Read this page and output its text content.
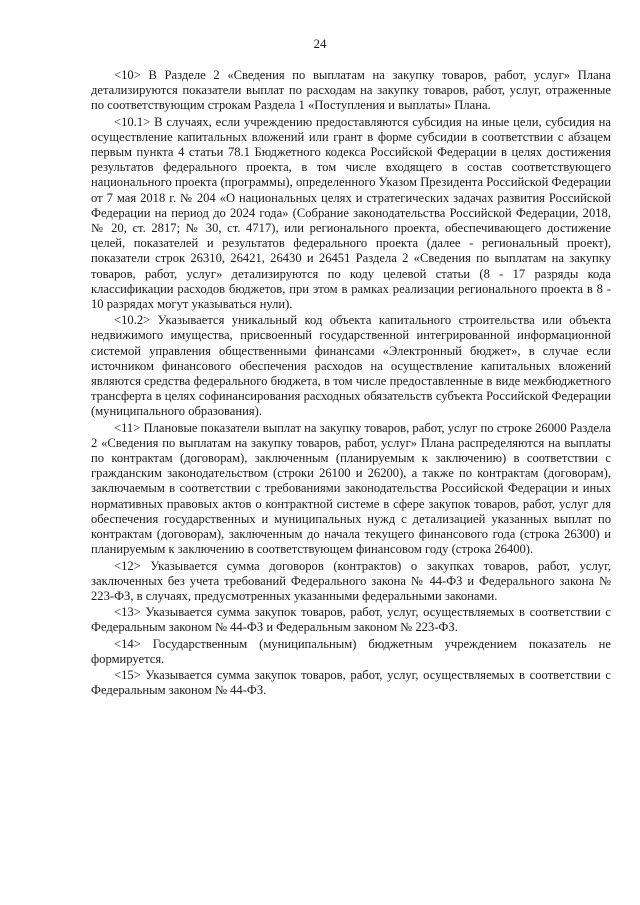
24

<10> В Разделе 2 «Сведения по выплатам на закупку товаров, работ, услуг» Плана детализируются показатели выплат по расходам на закупку товаров, работ, услуг, отраженные по соответствующим строкам Раздела 1 «Поступления и выплаты» Плана.

<10.1> В случаях, если учреждению предоставляются субсидия на иные цели, субсидия на осуществление капитальных вложений или грант в форме субсидии в соответствии с абзацем первым пункта 4 статьи 78.1 Бюджетного кодекса Российской Федерации в целях достижения результатов федерального проекта, в том числе входящего в состав соответствующего национального проекта (программы), определенного Указом Президента Российской Федерации от 7 мая 2018 г. № 204 «О национальных целях и стратегических задачах развития Российской Федерации на период до 2024 года» (Собрание законодательства Российской Федерации, 2018, № 20, ст. 2817; № 30, ст. 4717), или регионального проекта, обеспечивающего достижение целей, показателей и результатов федерального проекта (далее - региональный проект), показатели строк 26310, 26421, 26430 и 26451 Раздела 2 «Сведения по выплатам на закупку товаров, работ, услуг» детализируются по коду целевой статьи (8 - 17 разряды кода классификации расходов бюджетов, при этом в рамках реализации регионального проекта в 8 - 10 разрядах могут указываться нули).

<10.2> Указывается уникальный код объекта капитального строительства или объекта недвижимого имущества, присвоенный государственной интегрированной информационной системой управления общественными финансами «Электронный бюджет», в случае если источником финансового обеспечения расходов на осуществление капитальных вложений являются средства федерального бюджета, в том числе предоставленные в виде межбюджетного трансферта в целях софинансирования расходных обязательств субъекта Российской Федерации (муниципального образования).

<11> Плановые показатели выплат на закупку товаров, работ, услуг по строке 26000 Раздела 2 «Сведения по выплатам на закупку товаров, работ, услуг» Плана распределяются на выплаты по контрактам (договорам), заключенным (планируемым к заключению) в соответствии с гражданским законодательством (строки 26100 и 26200), а также по контрактам (договорам), заключаемым в соответствии с требованиями законодательства Российской Федерации и иных нормативных правовых актов о контрактной системе в сфере закупок товаров, работ, услуг для обеспечения государственных и муниципальных нужд с детализацией указанных выплат по контрактам (договорам), заключенным до начала текущего финансового года (строка 26300) и планируемым к заключению в соответствующем финансовом году (строка 26400).

<12> Указывается сумма договоров (контрактов) о закупках товаров, работ, услуг, заключенных без учета требований Федерального закона № 44-ФЗ и Федерального закона № 223-ФЗ, в случаях, предусмотренных указанными федеральными законами.

<13> Указывается сумма закупок товаров, работ, услуг, осуществляемых в соответствии с Федеральным законом № 44-ФЗ и Федеральным законом № 223-ФЗ.

<14> Государственным (муниципальным) бюджетным учреждением показатель не формируется.

<15> Указывается сумма закупок товаров, работ, услуг, осуществляемых в соответствии с Федеральным законом № 44-ФЗ.
